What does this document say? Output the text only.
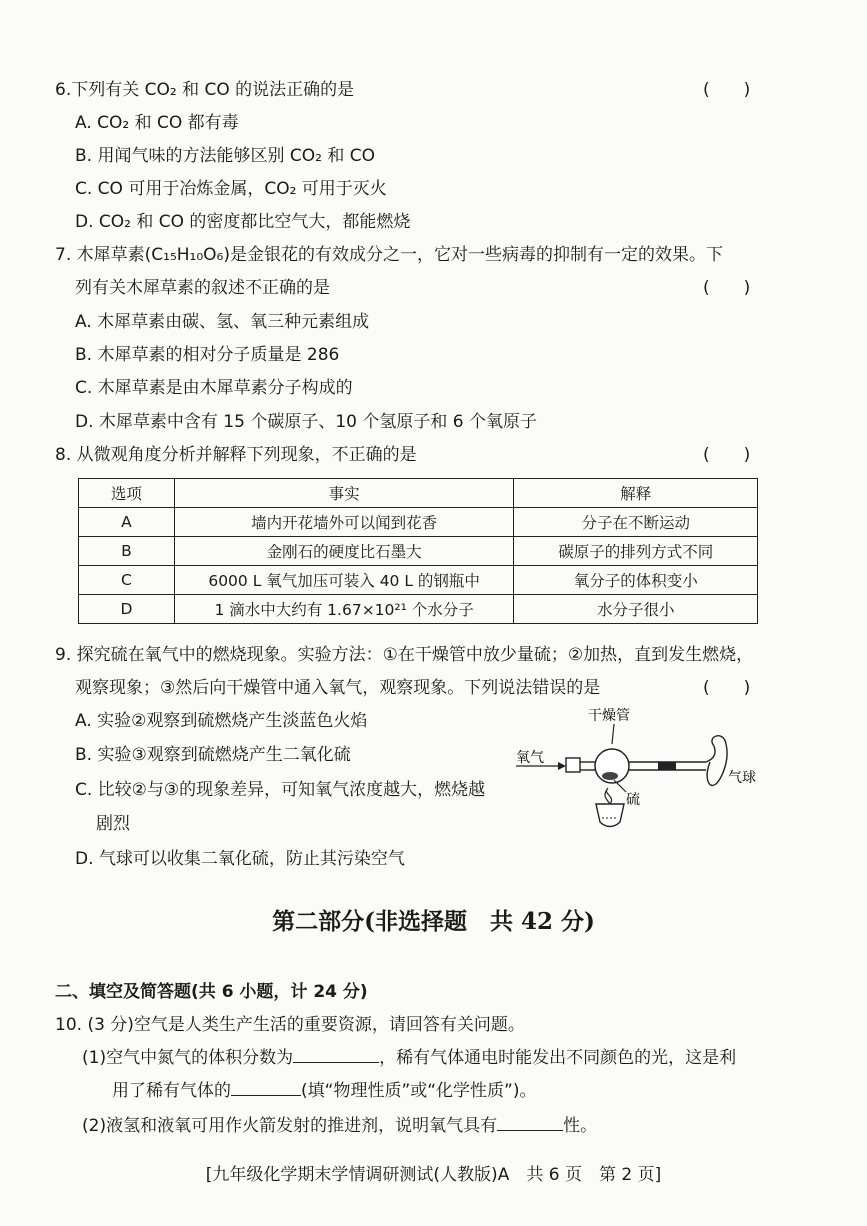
6.下列有关 CO₂ 和 CO 的说法正确的是	(　　)
A. CO₂ 和 CO 都有毒
B. 用闻气味的方法能够区别 CO₂ 和 CO
C. CO 可用于冶炼金属，CO₂ 可用于灭火
D. CO₂ 和 CO 的密度都比空气大，都能燃烧
7. 木犀草素(C₁₅H₁₀O₆)是金银花的有效成分之一，它对一些病毒的抑制有一定的效果。下
列有关木犀草素的叙述不正确的是	(　　)
A. 木犀草素由碳、氢、氧三种元素组成
B. 木犀草素的相对分子质量是 286
C. 木犀草素是由木犀草素分子构成的
D. 木犀草素中含有 15 个碳原子、10 个氢原子和 6 个氧原子
8. 从微观角度分析并解释下列现象，不正确的是	(　　)
选项	事实	解释
A	墙内开花墙外可以闻到花香	分子在不断运动
B	金刚石的硬度比石墨大	碳原子的排列方式不同
C	6000 L 氧气加压可装入 40 L 的钢瓶中	氧分子的体积变小
D	1 滴水中大约有 1.67×10²¹ 个水分子	水分子很小
9. 探究硫在氧气中的燃烧现象。实验方法：①在干燥管中放少量硫；②加热，直到发生燃烧，
观察现象；③然后向干燥管中通入氧气，观察现象。下列说法错误的是	(　　)
A. 实验②观察到硫燃烧产生淡蓝色火焰
B. 实验③观察到硫燃烧产生二氧化硫
C. 比较②与③的现象差异，可知氧气浓度越大，燃烧越
剧烈
D. 气球可以收集二氧化硫，防止其污染空气
干燥管
氧气
气球
硫
第二部分(非选择题　共 42 分)
二、填空及简答题(共 6 小题，计 24 分)
10. (3 分)空气是人类生产生活的重要资源，请回答有关问题。
(1)空气中氮气的体积分数为	，稀有气体通电时能发出不同颜色的光，这是利
用了稀有气体的	(填“物理性质”或“化学性质”)。
(2)液氢和液氧可用作火箭发射的推进剂，说明氧气具有	性。
[九年级化学期末学情调研测试(人教版)A　共 6 页　第 2 页]
